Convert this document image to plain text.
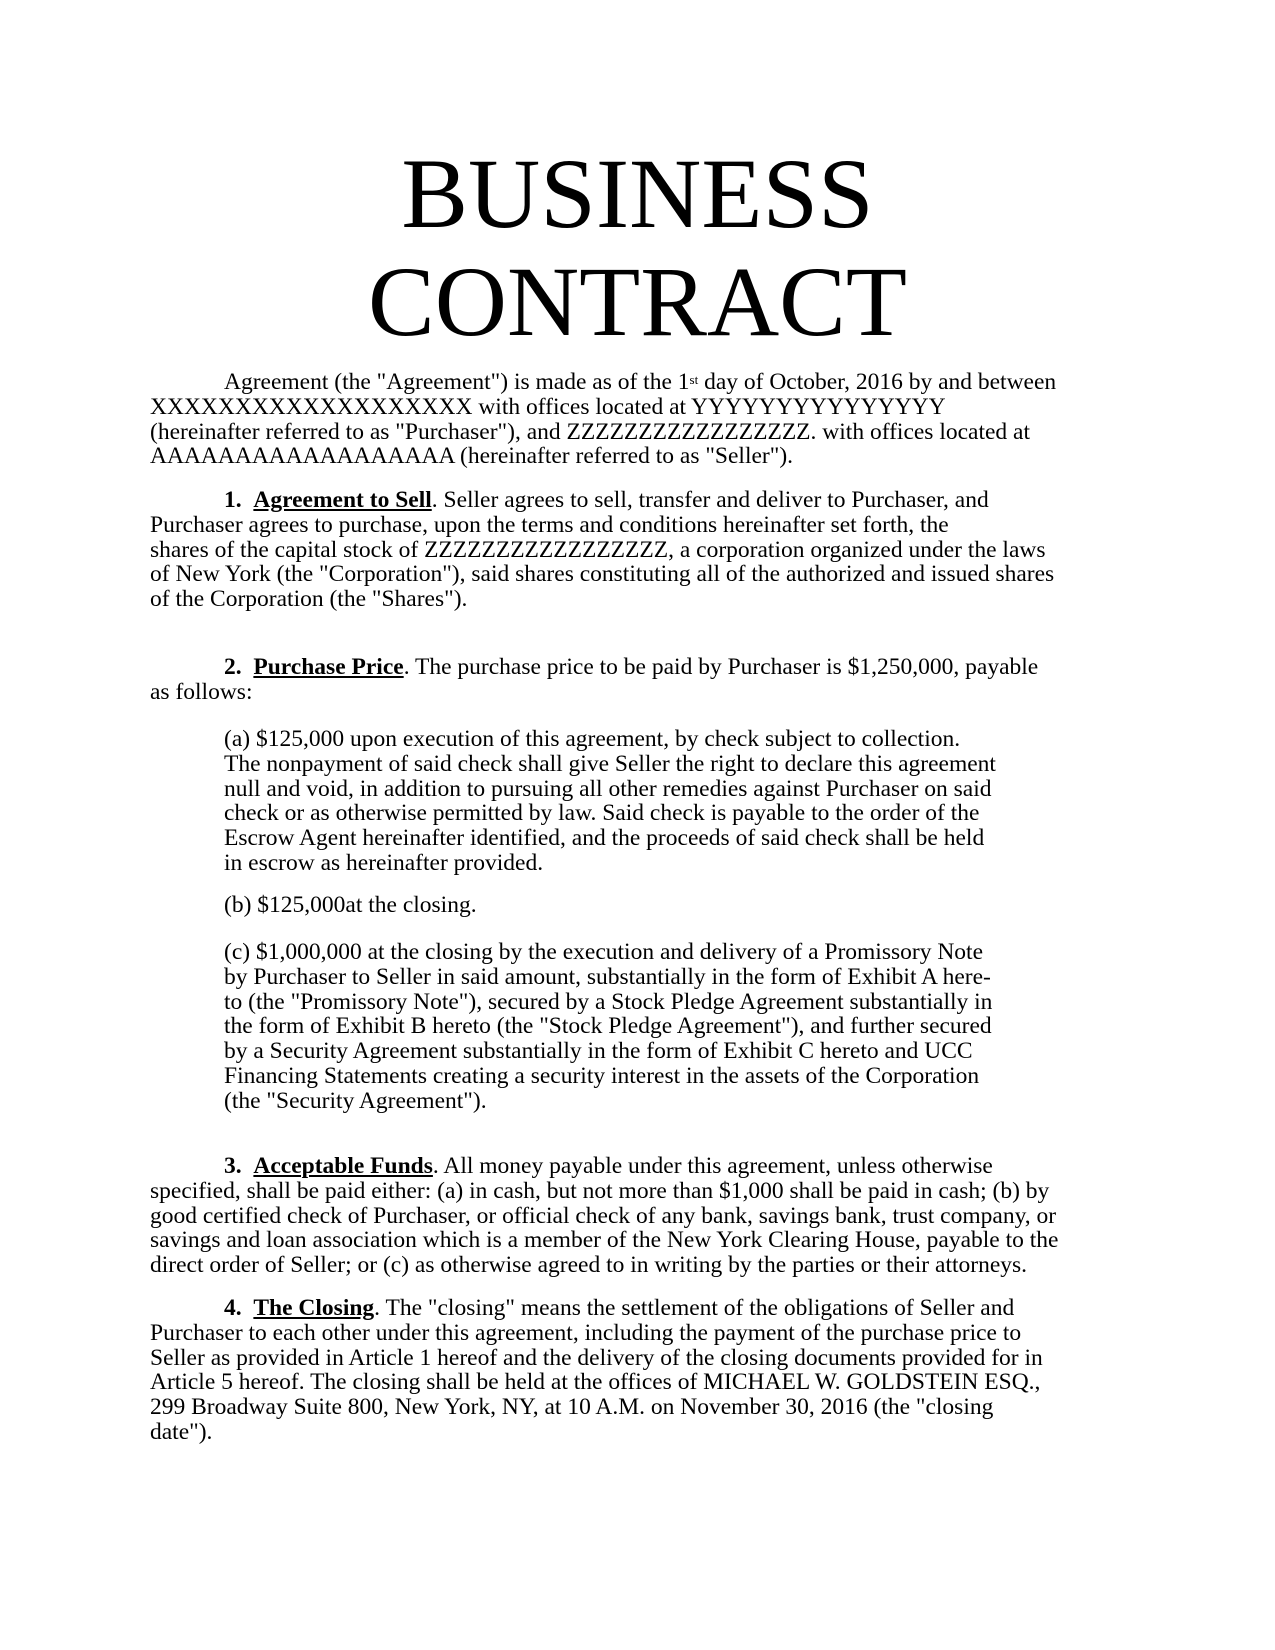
BUSINESS
CONTRACT

Agreement (the "Agreement") is made as of the 1st day of October, 2016 by and between
XXXXXXXXXXXXXXXXXXX with offices located at YYYYYYYYYYYYYYY
(hereinafter referred to as "Purchaser"), and ZZZZZZZZZZZZZZZZZ. with offices located at
AAAAAAAAAAAAAAAAAA (hereinafter referred to as "Seller").

1. Agreement to Sell. Seller agrees to sell, transfer and deliver to Purchaser, and
Purchaser agrees to purchase, upon the terms and conditions hereinafter set forth, the
shares of the capital stock of ZZZZZZZZZZZZZZZZZ, a corporation organized under the laws
of New York (the "Corporation"), said shares constituting all of the authorized and issued shares
of the Corporation (the "Shares").

2. Purchase Price. The purchase price to be paid by Purchaser is $1,250,000, payable
as follows:

(a) $125,000 upon execution of this agreement, by check subject to collection.
The nonpayment of said check shall give Seller the right to declare this agreement
null and void, in addition to pursuing all other remedies against Purchaser on said
check or as otherwise permitted by law. Said check is payable to the order of the
Escrow Agent hereinafter identified, and the proceeds of said check shall be held
in escrow as hereinafter provided.

(b) $125,000at the closing.

(c) $1,000,000 at the closing by the execution and delivery of a Promissory Note
by Purchaser to Seller in said amount, substantially in the form of Exhibit A here-
to (the "Promissory Note"), secured by a Stock Pledge Agreement substantially in
the form of Exhibit B hereto (the "Stock Pledge Agreement"), and further secured
by a Security Agreement substantially in the form of Exhibit C hereto and UCC
Financing Statements creating a security interest in the assets of the Corporation
(the "Security Agreement").

3. Acceptable Funds. All money payable under this agreement, unless otherwise
specified, shall be paid either: (a) in cash, but not more than $1,000 shall be paid in cash; (b) by
good certified check of Purchaser, or official check of any bank, savings bank, trust company, or
savings and loan association which is a member of the New York Clearing House, payable to the
direct order of Seller; or (c) as otherwise agreed to in writing by the parties or their attorneys.

4. The Closing. The "closing" means the settlement of the obligations of Seller and
Purchaser to each other under this agreement, including the payment of the purchase price to
Seller as provided in Article 1 hereof and the delivery of the closing documents provided for in
Article 5 hereof. The closing shall be held at the offices of MICHAEL W. GOLDSTEIN ESQ.,
299 Broadway Suite 800, New York, NY, at 10 A.M. on November 30, 2016 (the "closing
date").
